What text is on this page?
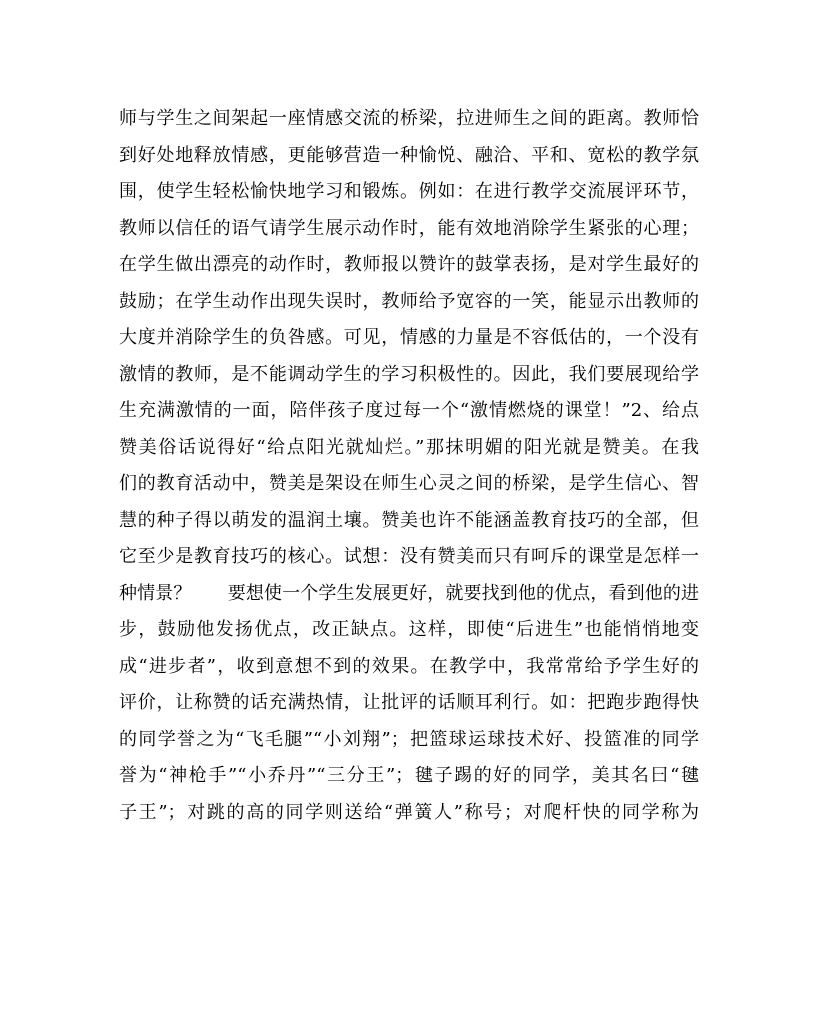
师与学生之间架起一座情感交流的桥梁，拉进师生之间的距离。教师恰
到好处地释放情感，更能够营造一种愉悦、融洽、平和、宽松的教学氛
围，使学生轻松愉快地学习和锻炼。例如：在进行教学交流展评环节，
教师以信任的语气请学生展示动作时，能有效地消除学生紧张的心理；
在学生做出漂亮的动作时，教师报以赞许的鼓掌表扬，是对学生最好的
鼓励；在学生动作出现失误时，教师给予宽容的一笑，能显示出教师的
大度并消除学生的负咎感。可见，情感的力量是不容低估的，一个没有
激情的教师，是不能调动学生的学习积极性的。因此，我们要展现给学
生充满激情的一面，陪伴孩子度过每一个“激情燃烧的课堂！”2、给点
赞美俗话说得好“给点阳光就灿烂。”那抹明媚的阳光就是赞美。在我
们的教育活动中，赞美是架设在师生心灵之间的桥梁，是学生信心、智
慧的种子得以萌发的温润土壤。赞美也许不能涵盖教育技巧的全部，但
它至少是教育技巧的核心。试想：没有赞美而只有呵斥的课堂是怎样一
种情景？　　要想使一个学生发展更好，就要找到他的优点，看到他的进
步，鼓励他发扬优点，改正缺点。这样，即使“后进生”也能悄悄地变
成“进步者”，收到意想不到的效果。在教学中，我常常给予学生好的
评价，让称赞的话充满热情，让批评的话顺耳利行。如：把跑步跑得快
的同学誉之为“飞毛腿”“小刘翔”；把篮球运球技术好、投篮准的同学
誉为“神枪手”“小乔丹”“三分王”；毽子踢的好的同学，美其名曰“毽
子王”；对跳的高的同学则送给“弹簧人”称号；对爬杆快的同学称为
